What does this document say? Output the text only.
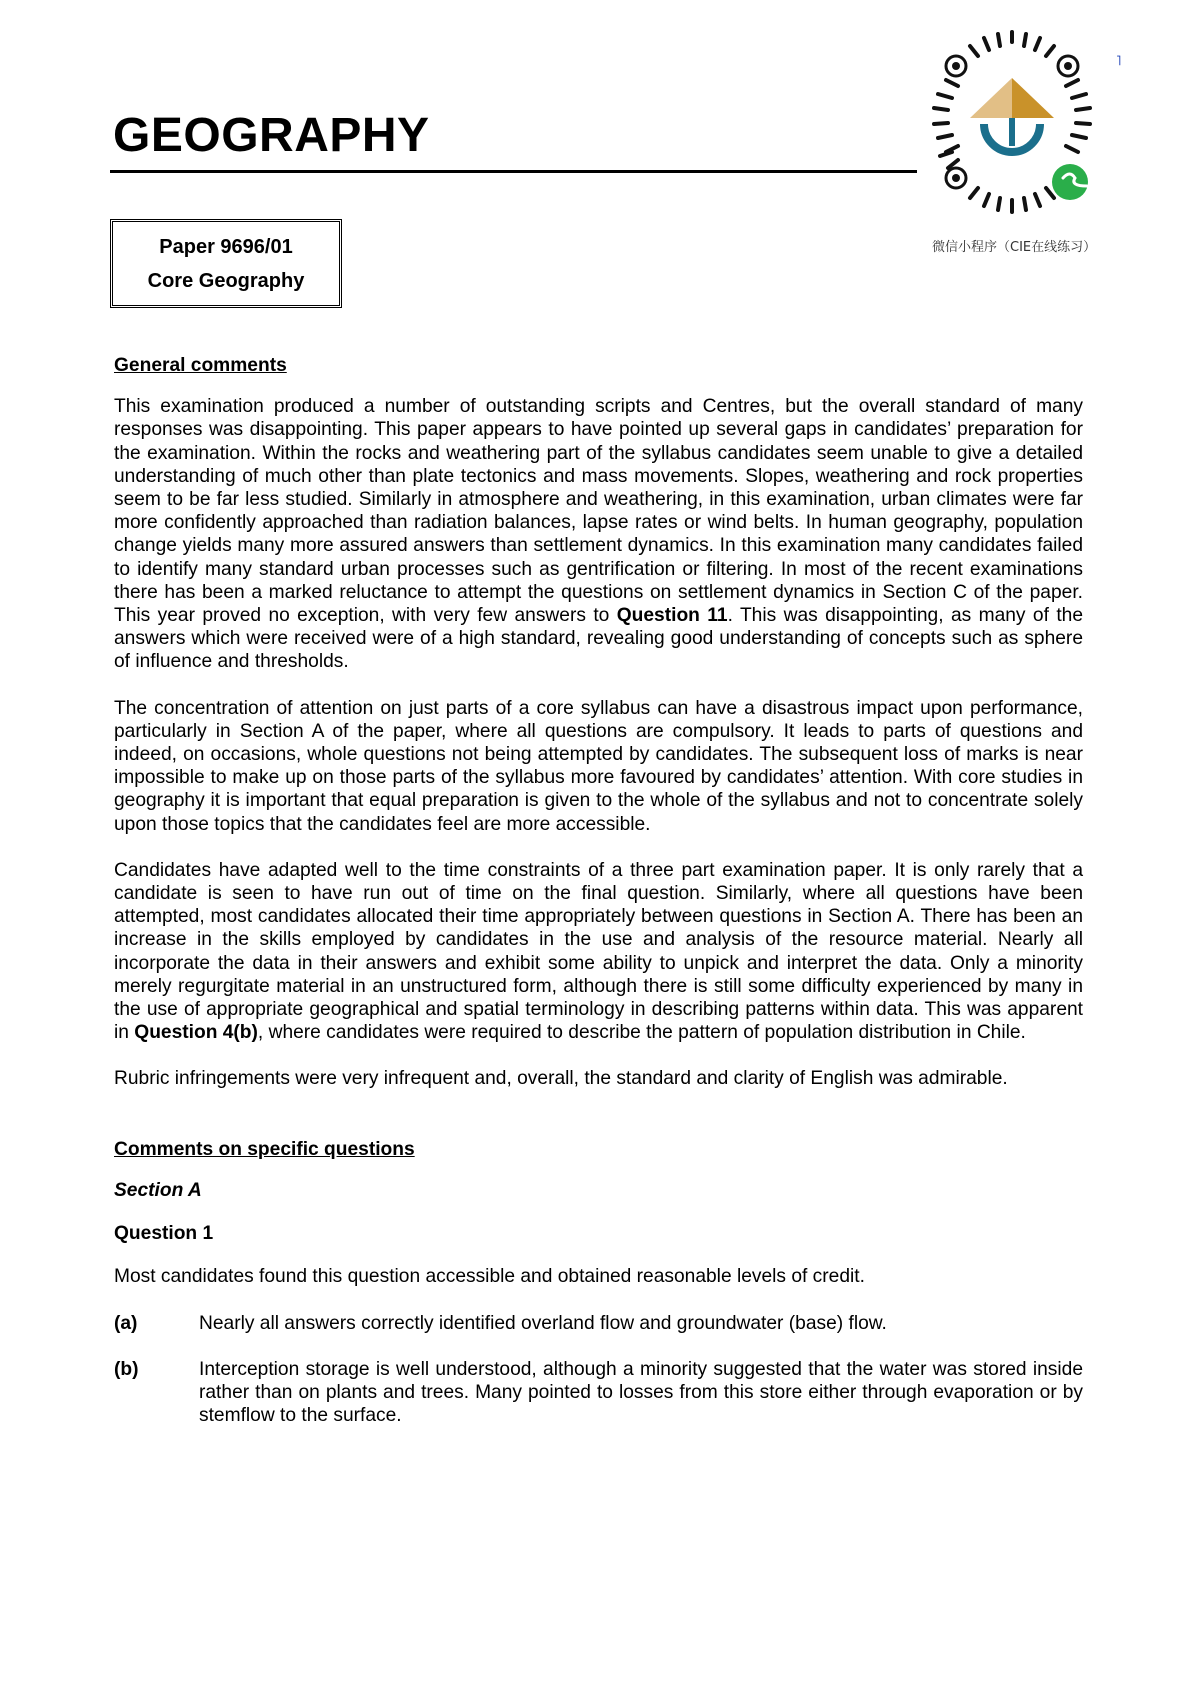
GEOGRAPHY
微信小程序（CIE在线练习）
˥
Paper 9696/01
Core Geography
General comments

This examination produced a number of outstanding scripts and Centres, but the overall standard of many responses was disappointing. This paper appears to have pointed up several gaps in candidates’ preparation for the examination. Within the rocks and weathering part of the syllabus candidates seem unable to give a detailed understanding of much other than plate tectonics and mass movements. Slopes, weathering and rock properties seem to be far less studied. Similarly in atmosphere and weathering, in this examination, urban climates were far more confidently approached than radiation balances, lapse rates or wind belts. In human geography, population change yields many more assured answers than settlement dynamics. In this examination many candidates failed to identify many standard urban processes such as gentrification or filtering. In most of the recent examinations there has been a marked reluctance to attempt the questions on settlement dynamics in Section C of the paper. This year proved no exception, with very few answers to Question 11. This was disappointing, as many of the answers which were received were of a high standard, revealing good understanding of concepts such as sphere of influence and thresholds.

The concentration of attention on just parts of a core syllabus can have a disastrous impact upon performance, particularly in Section A of the paper, where all questions are compulsory. It leads to parts of questions and indeed, on occasions, whole questions not being attempted by candidates. The subsequent loss of marks is near impossible to make up on those parts of the syllabus more favoured by candidates’ attention. With core studies in geography it is important that equal preparation is given to the whole of the syllabus and not to concentrate solely upon those topics that the candidates feel are more accessible.

Candidates have adapted well to the time constraints of a three part examination paper. It is only rarely that a candidate is seen to have run out of time on the final question. Similarly, where all questions have been attempted, most candidates allocated their time appropriately between questions in Section A. There has been an increase in the skills employed by candidates in the use and analysis of the resource material. Nearly all incorporate the data in their answers and exhibit some ability to unpick and interpret the data. Only a minority merely regurgitate material in an unstructured form, although there is still some difficulty experienced by many in the use of appropriate geographical and spatial terminology in describing patterns within data. This was apparent in Question 4(b), where candidates were required to describe the pattern of population distribution in Chile.

Rubric infringements were very infrequent and, overall, the standard and clarity of English was admirable.

Comments on specific questions
Section A
Question 1

Most candidates found this question accessible and obtained reasonable levels of credit.

(a)	Nearly all answers correctly identified overland flow and groundwater (base) flow.
(b)	Interception storage is well understood, although a minority suggested that the water was stored inside rather than on plants and trees. Many pointed to losses from this store either through evaporation or by stemflow to the surface.
